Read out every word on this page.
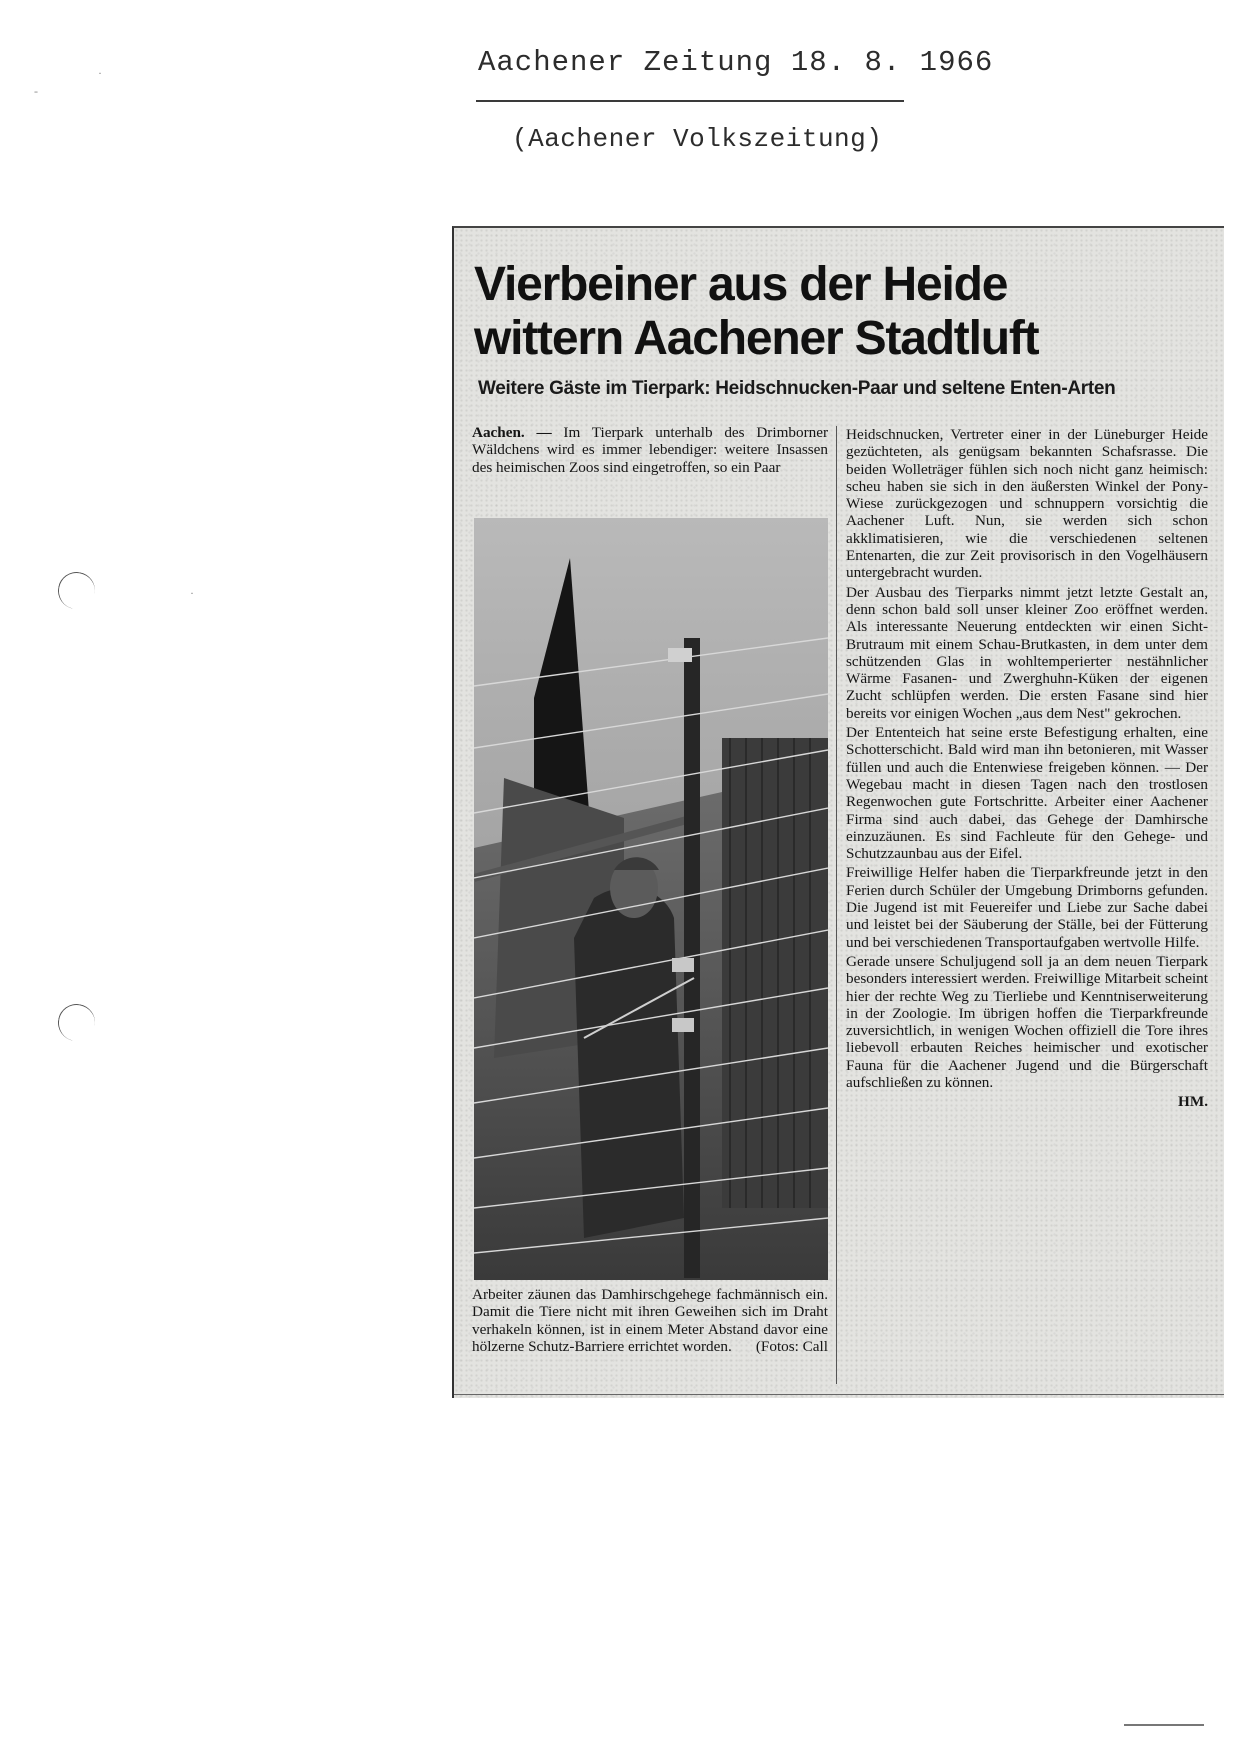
Aachener Zeitung 18. 8. 1966
(Aachener Volkszeitung)
-
·
·
Vierbeiner aus der Heide
wittern Aachener Stadtluft
Weitere Gäste im Tierpark: Heidschnucken-Paar und seltene Enten-Arten

Aachen. — Im Tierpark unterhalb des Drimborner Wäldchens wird es immer lebendiger: weitere Insassen des heimischen Zoos sind eingetroffen, so ein Paar

Arbeiter zäunen das Damhirschgehege fachmännisch ein. Damit die Tiere nicht mit ihren Geweihen sich im Draht verhakeln können, ist in einem Meter Abstand davor eine hölzerne Schutz-Barriere errichtet worden. (Fotos: Call

Heidschnucken, Vertreter einer in der Lüneburger Heide gezüchteten, als genügsam bekannten Schafsrasse. Die beiden Wolleträger fühlen sich noch nicht ganz heimisch: scheu haben sie sich in den äußersten Winkel der Pony-Wiese zurückgezogen und schnuppern vorsichtig die Aachener Luft. Nun, sie werden sich schon akklimatisieren, wie die verschiedenen seltenen Entenarten, die zur Zeit provisorisch in den Vogelhäusern untergebracht wurden.

Der Ausbau des Tierparks nimmt jetzt letzte Gestalt an, denn schon bald soll unser kleiner Zoo eröffnet werden. Als interessante Neuerung entdeckten wir einen Sicht-Brutraum mit einem Schau-Brutkasten, in dem unter dem schützenden Glas in wohltemperierter nestähnlicher Wärme Fasanen- und Zwerghuhn-Küken der eigenen Zucht schlüpfen werden. Die ersten Fasane sind hier bereits vor einigen Wochen „aus dem Nest" gekrochen.

Der Ententeich hat seine erste Befestigung erhalten, eine Schotterschicht. Bald wird man ihn betonieren, mit Wasser füllen und auch die Entenwiese freigeben können. — Der Wegebau macht in diesen Tagen nach den trostlosen Regenwochen gute Fortschritte. Arbeiter einer Aachener Firma sind auch dabei, das Gehege der Damhirsche einzuzäunen. Es sind Fachleute für den Gehege- und Schutzzaunbau aus der Eifel.

Freiwillige Helfer haben die Tierparkfreunde jetzt in den Ferien durch Schüler der Umgebung Drimborns gefunden. Die Jugend ist mit Feuereifer und Liebe zur Sache dabei und leistet bei der Säuberung der Ställe, bei der Fütterung und bei verschiedenen Transportaufgaben wertvolle Hilfe.

Gerade unsere Schuljugend soll ja an dem neuen Tierpark besonders interessiert werden. Freiwillige Mitarbeit scheint hier der rechte Weg zu Tierliebe und Kenntniserweiterung in der Zoologie. Im übrigen hoffen die Tierparkfreunde zuversichtlich, in wenigen Wochen offiziell die Tore ihres liebevoll erbauten Reiches heimischer und exotischer Fauna für die Aachener Jugend und die Bürgerschaft aufschließen zu können.

HM.
